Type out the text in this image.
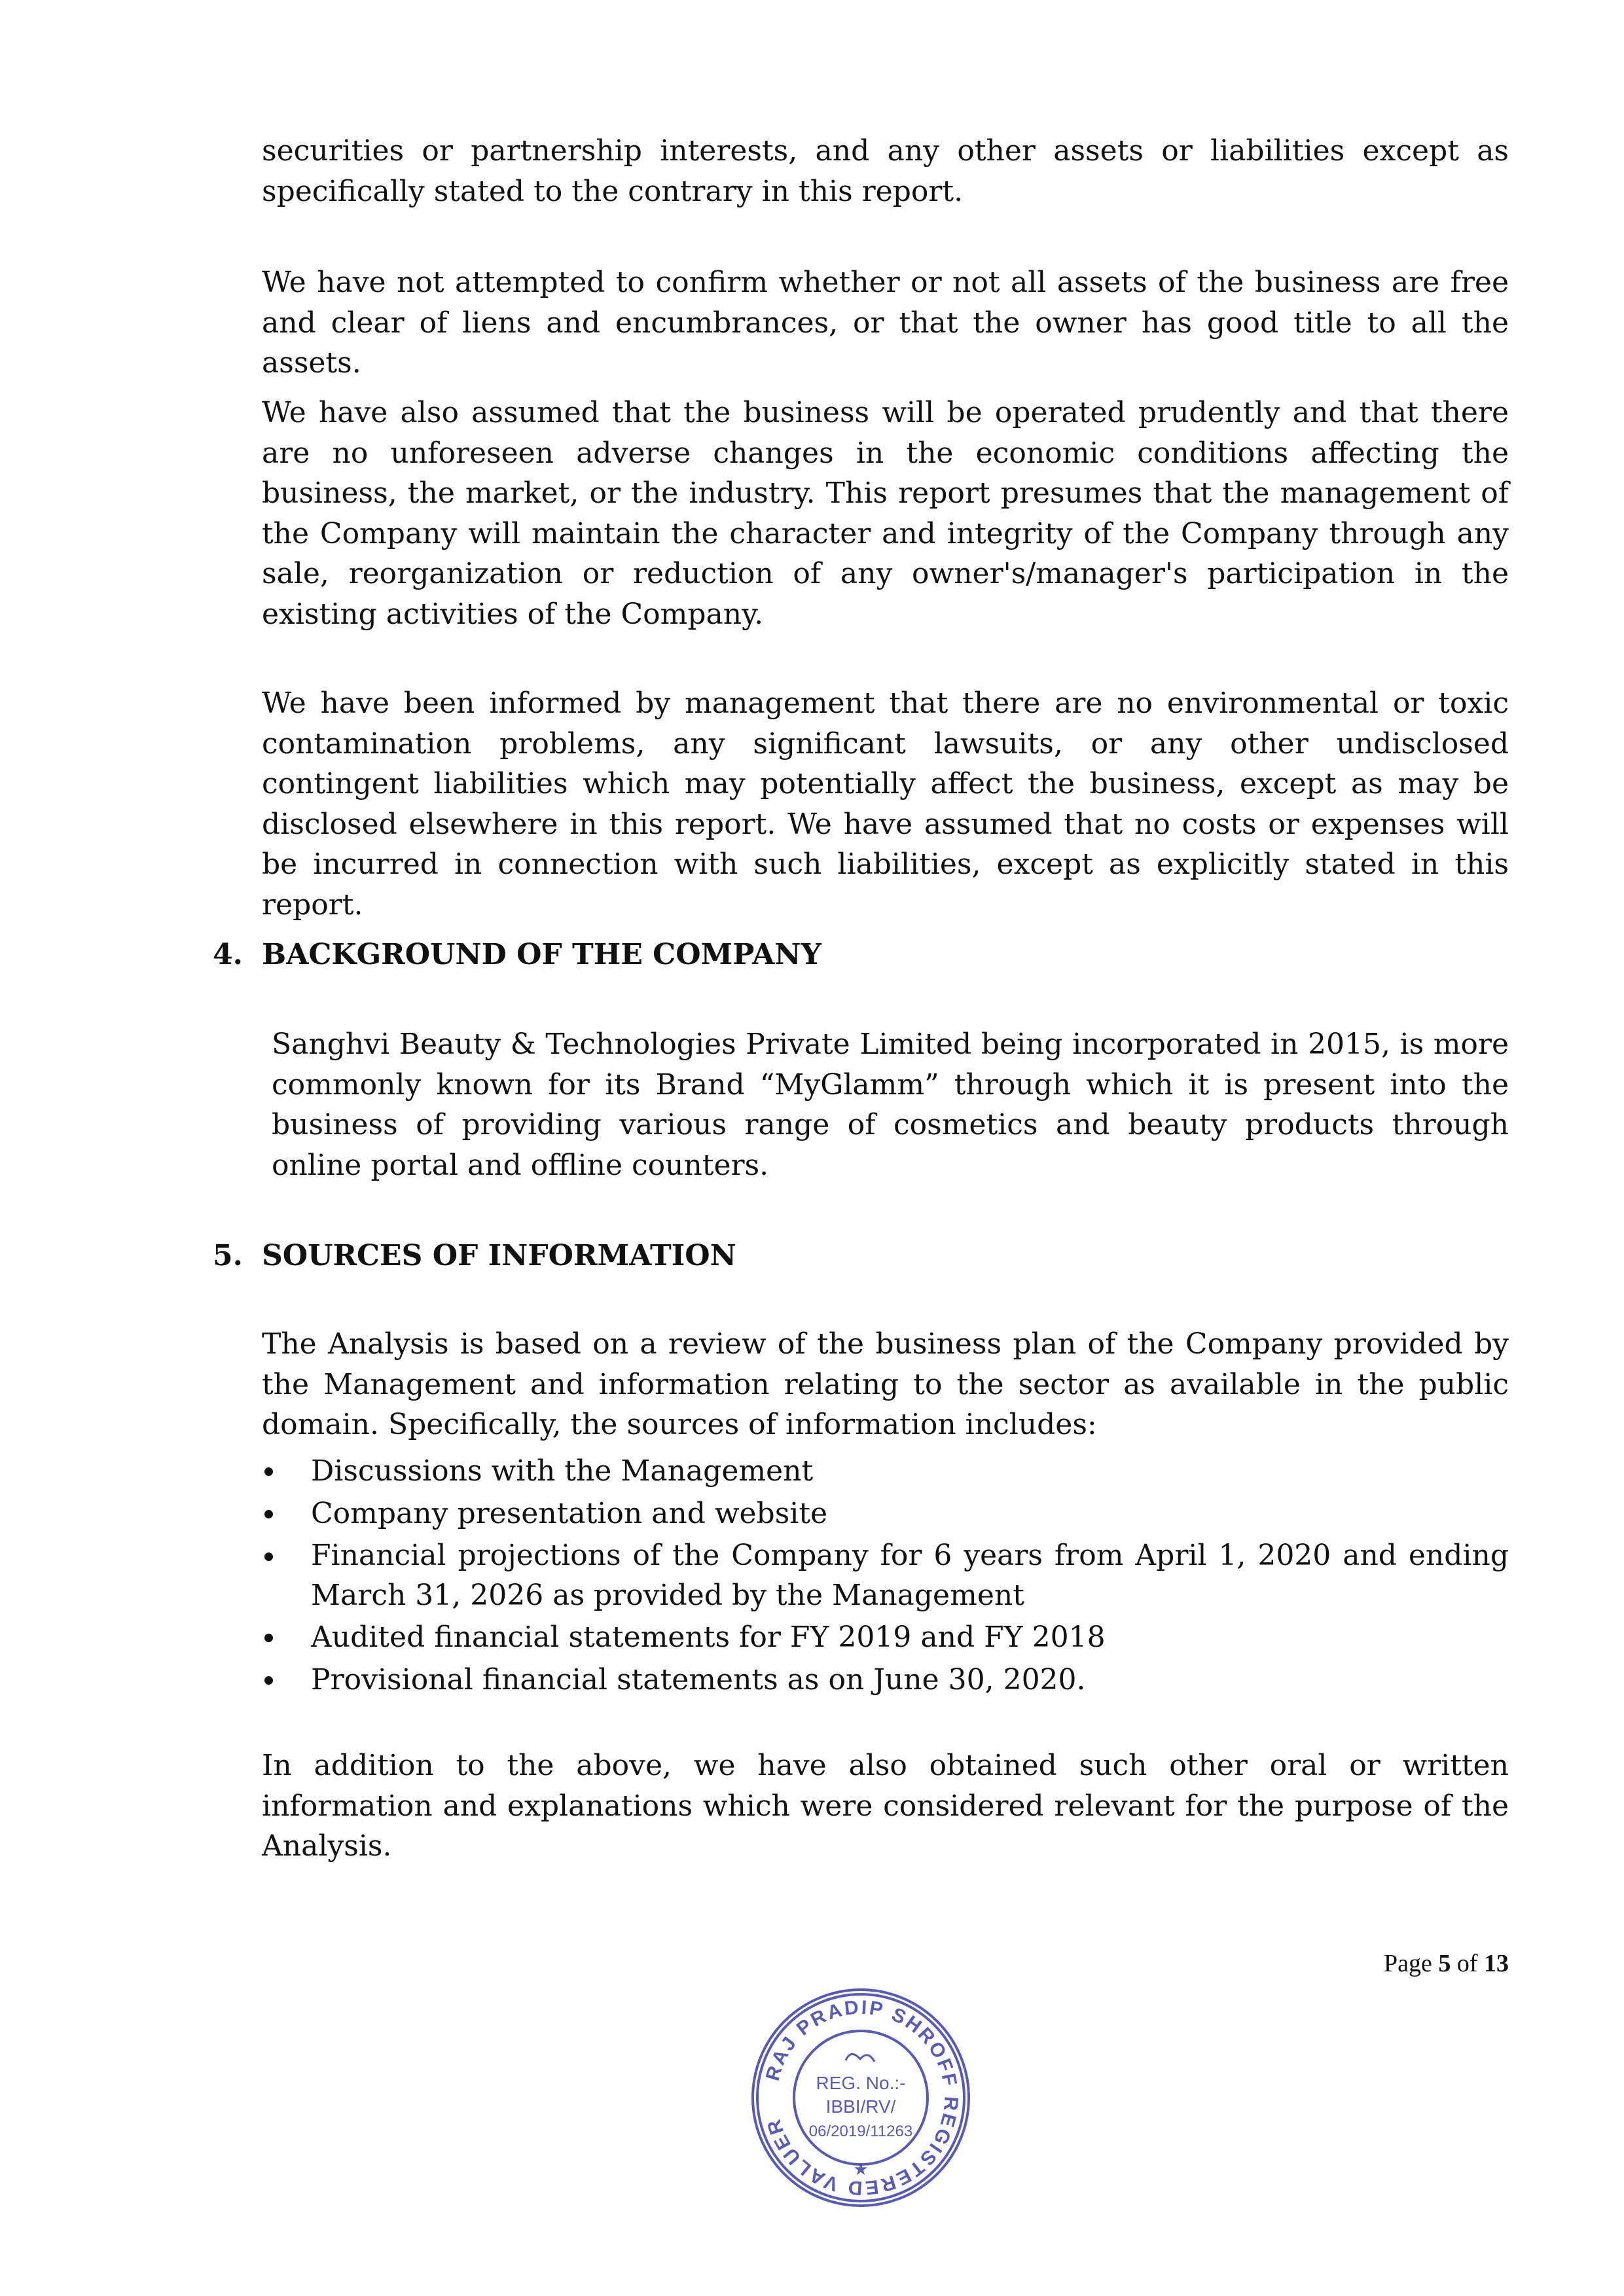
securities or partnership interests, and any other assets or liabilities except as specifically stated to the contrary in this report.

We have not attempted to confirm whether or not all assets of the business are free and clear of liens and encumbrances, or that the owner has good title to all the assets.

We have also assumed that the business will be operated prudently and that there are no unforeseen adverse changes in the economic conditions affecting the business, the market, or the industry. This report presumes that the management of the Company will maintain the character and integrity of the Company through any sale, reorganization or reduction of any owner's/manager's participation in the existing activities of the Company.

We have been informed by management that there are no environmental or toxic contamination problems, any significant lawsuits, or any other undisclosed contingent liabilities which may potentially affect the business, except as may be disclosed elsewhere in this report. We have assumed that no costs or expenses will be incurred in connection with such liabilities, except as explicitly stated in this report.

4. BACKGROUND OF THE COMPANY

Sanghvi Beauty & Technologies Private Limited being incorporated in 2015, is more commonly known for its Brand “MyGlamm” through which it is present into the business of providing various range of cosmetics and beauty products through online portal and offline counters.

5. SOURCES OF INFORMATION

The Analysis is based on a review of the business plan of the Company provided by the Management and information relating to the sector as available in the public domain. Specifically, the sources of information includes:

Discussions with the Management
Company presentation and website
Financial projections of the Company for 6 years from April 1, 2020 and ending March 31, 2026 as provided by the Management
Audited financial statements for FY 2019 and FY 2018
Provisional financial statements as on June 30, 2020.

In addition to the above, we have also obtained such other oral or written information and explanations which were considered relevant for the purpose of the Analysis.

Page 5 of 13
RAJ PRADIP SHROFF REGISTERED VALUER
★
REG. No.:-
IBBI/RV/
06/2019/11263
